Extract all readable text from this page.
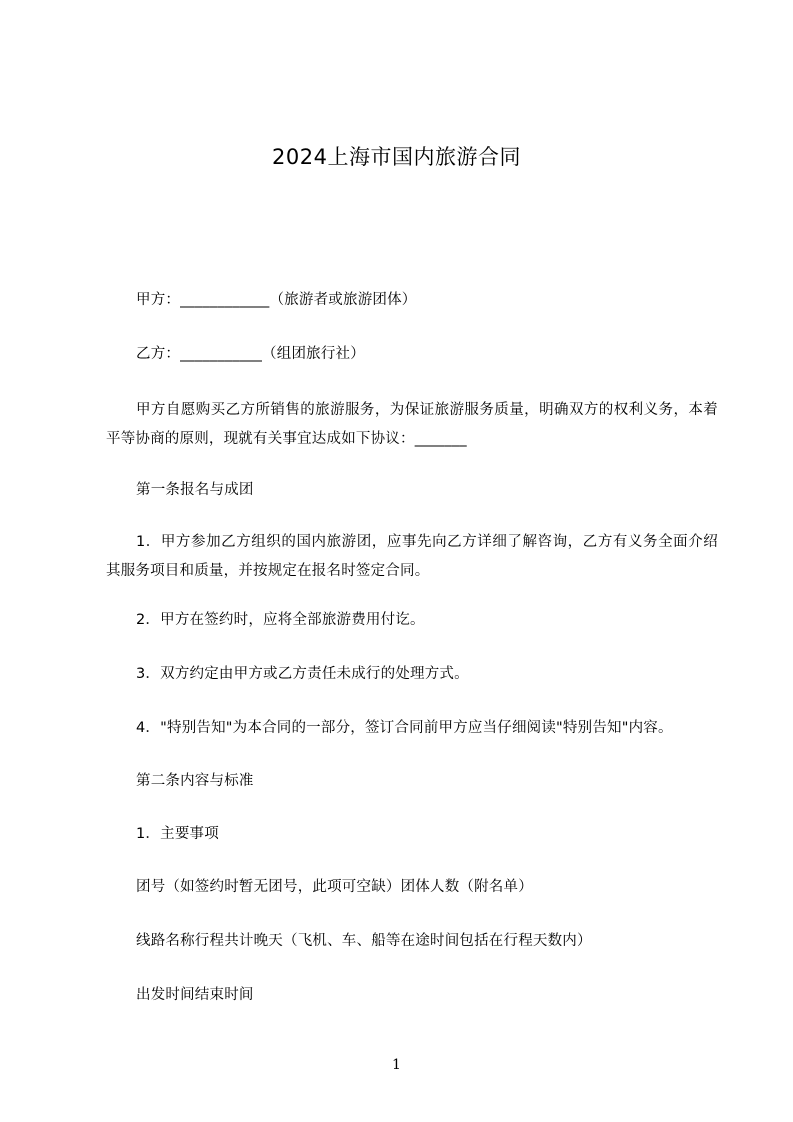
2024上海市国内旅游合同
甲方：____________（旅游者或旅游团体）
乙方：___________（组团旅行社）
甲方自愿购买乙方所销售的旅游服务，为保证旅游服务质量，明确双方的权利义务，本着平等协商的原则，现就有关事宜达成如下协议：_______
第一条报名与成团
1．甲方参加乙方组织的国内旅游团，应事先向乙方详细了解咨询，乙方有义务全面介绍其服务项目和质量，并按规定在报名时签定合同。
2．甲方在签约时，应将全部旅游费用付讫。
3．双方约定由甲方或乙方责任未成行的处理方式。
4．"特别告知"为本合同的一部分，签订合同前甲方应当仔细阅读"特别告知"内容。
第二条内容与标准
1．主要事项
团号（如签约时暂无团号，此项可空缺）团体人数（附名单）
线路名称行程共计晚天（飞机、车、船等在途时间包括在行程天数内）
出发时间结束时间
1
